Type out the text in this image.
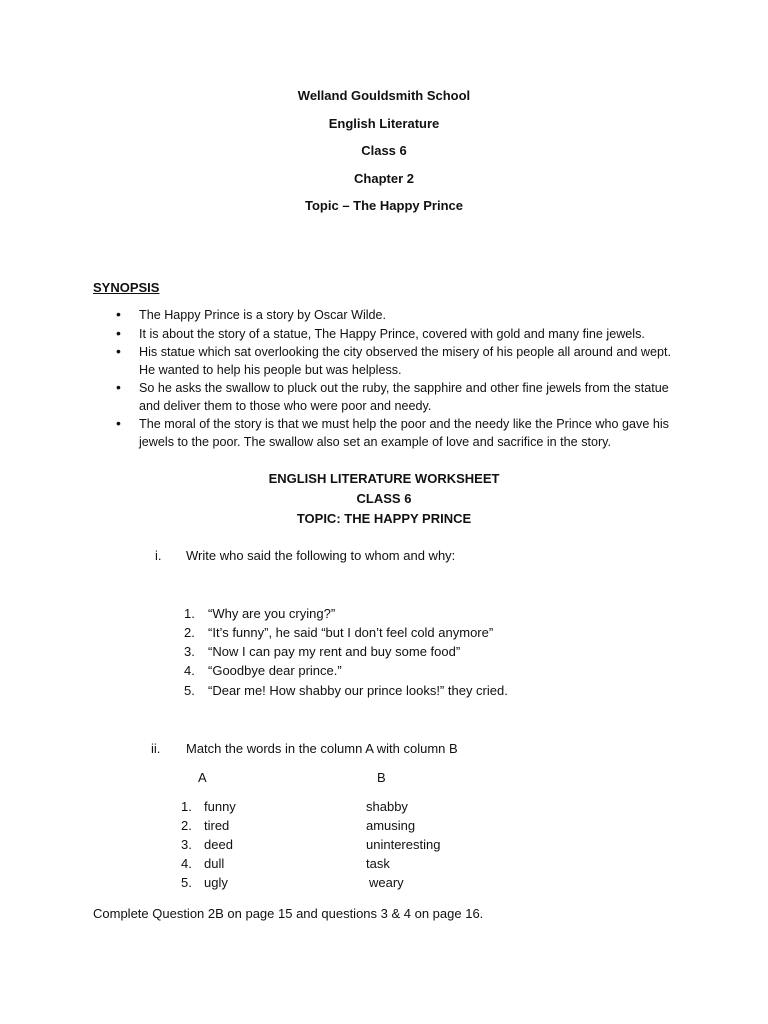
Welland Gouldsmith School
English Literature
Class 6
Chapter 2
Topic – The Happy Prince
SYNOPSIS
• The Happy Prince is a story by Oscar Wilde.
• It is about the story of a statue, The Happy Prince, covered with gold and many fine jewels.
• His statue which sat overlooking the city observed the misery of his people all around and wept. He wanted to help his people but was helpless.
• So he asks the swallow to pluck out the ruby, the sapphire and other fine jewels from the statue and deliver them to those who were poor and needy.
• The moral of the story is that we must help the poor and the needy like the Prince who gave his jewels to the poor. The swallow also set an example of love and sacrifice in the story.
ENGLISH LITERATURE WORKSHEET
CLASS 6
TOPIC: THE HAPPY PRINCE
i. Write who said the following to whom and why:
1. “Why are you crying?”
2. “It’s funny”, he said “but I don’t feel cold anymore”
3. “Now I can pay my rent and buy some food”
4. “Goodbye dear prince.”
5. “Dear me! How shabby our prince looks!” they cried.
ii. Match the words in the column A with column B
A	B
1. funny	shabby
2. tired	amusing
3. deed	uninteresting
4. dull	task
5. ugly	weary
Complete Question 2B on page 15 and questions 3 & 4 on page 16.
